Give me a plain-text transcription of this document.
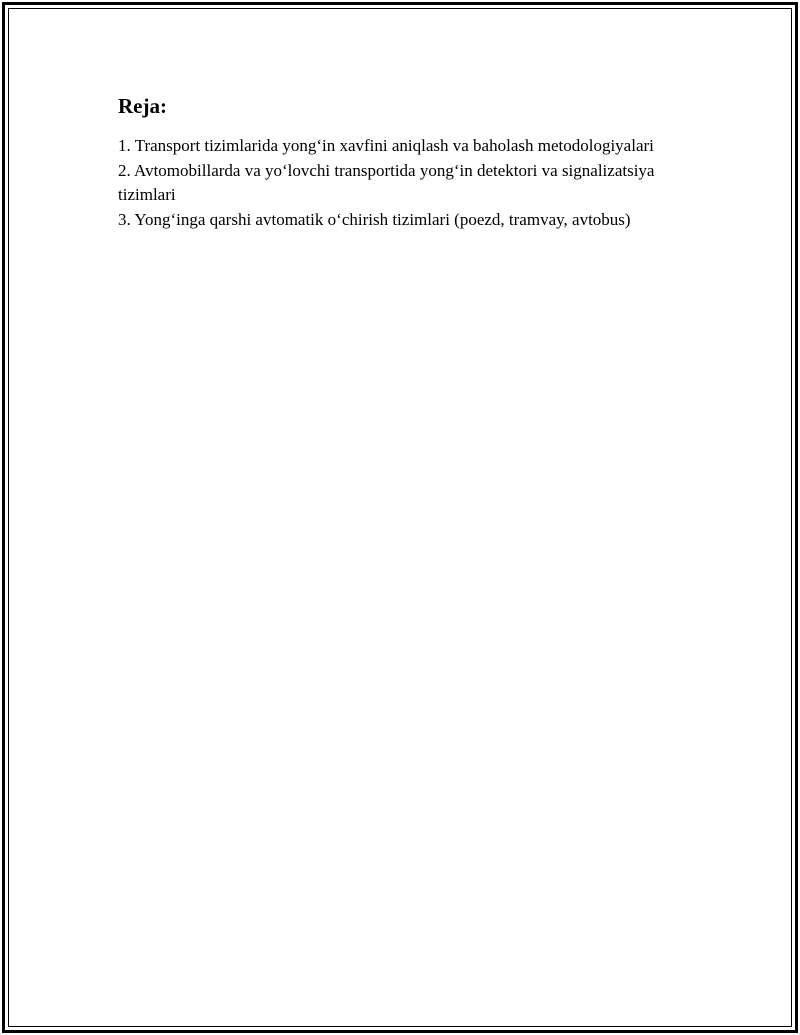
Reja:
1. Transport tizimlarida yong‘in xavfini aniqlash va baholash metodologiyalari
2. Avtomobillarda va yo‘lovchi transportida yong‘in detektori va signalizatsiya tizimlari
3. Yong‘inga qarshi avtomatik o‘chirish tizimlari (poezd, tramvay, avtobus)
